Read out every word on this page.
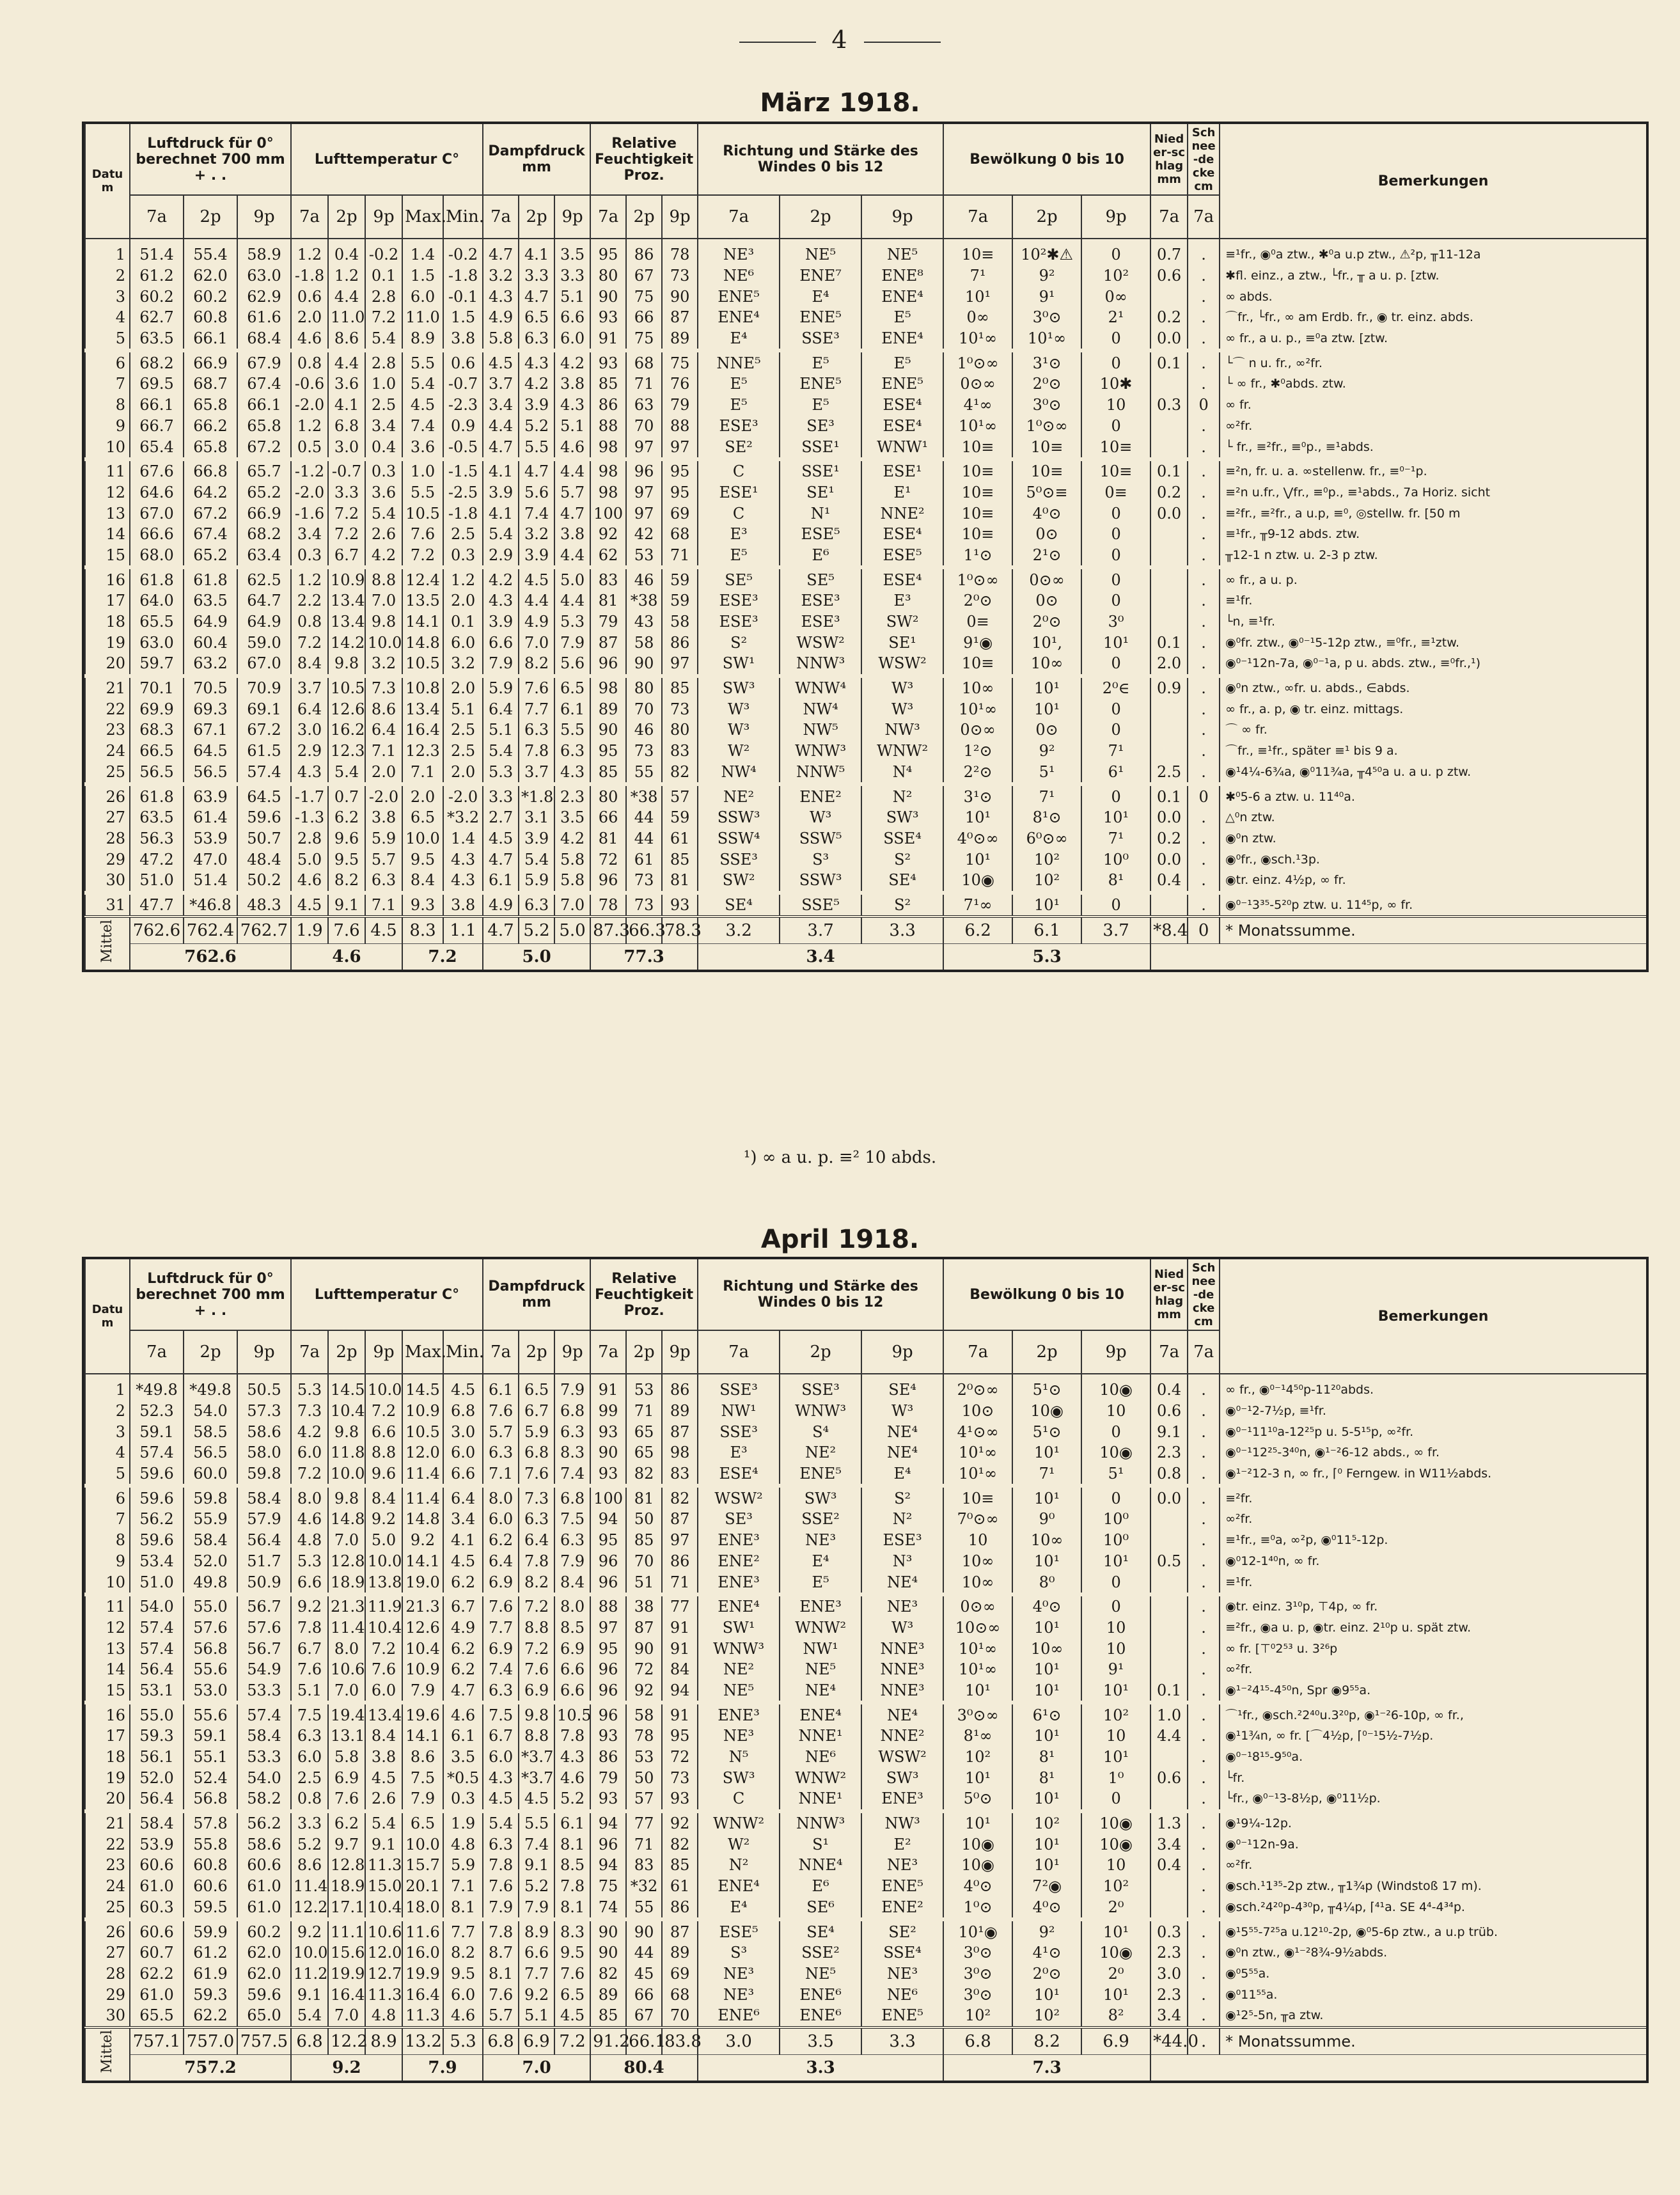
4
März 1918.
Datum	Luftdruck für 0° berechnet 700 mm + . .			Lufttemperatur C°					Dampfdruck mm			Relative Feuchtigkeit Proz.			Richtung und Stärke des Windes 0 bis 12			Bewölkung 0 bis 10			Nieder-schlag mm	Schnee-decke cm	Bemerkungen
	7a	2p	9p	7a	2p	9p	Max.	Min.	7a	2p	9p	7a	2p	9p	7a	2p	9p	7a	2p	9p	7a	7a	

1	51.4	55.4	58.9	1.2	0.4	-0.2	1.4	-0.2	4.7	4.1	3.5	95	86	78	NE³	NE⁵	NE⁵	10≡	10²✱⚠	0	0.7	.	≡¹fr., ◉⁰a ztw., ✱⁰a u.p ztw., ⚠²p, ╥11-12a
2	61.2	62.0	63.0	-1.8	1.2	0.1	1.5	-1.8	3.2	3.3	3.3	80	67	73	NE⁶	ENE⁷	ENE⁸	7¹	9²	10²	0.6	.	✱fl. einz., a ztw., └fr., ╥ a u. p. [ztw.
3	60.2	60.2	62.9	0.6	4.4	2.8	6.0	-0.1	4.3	4.7	5.1	90	75	90	ENE⁵	E⁴	ENE⁴	10¹	9¹	0∞		.	∞ abds.
4	62.7	60.8	61.6	2.0	11.0	7.2	11.0	1.5	4.9	6.5	6.6	93	66	87	ENE⁴	ENE⁵	E⁵	0∞	3⁰⊙	2¹	0.2	.	⌒fr., └fr., ∞ am Erdb. fr., ◉ tr. einz. abds.
5	63.5	66.1	68.4	4.6	8.6	5.4	8.9	3.8	5.8	6.3	6.0	91	75	89	E⁴	SSE³	ENE⁴	10¹∞	10¹∞	0	0.0	.	∞ fr., a u. p., ≡⁰a ztw. [ztw.
6	68.2	66.9	67.9	0.8	4.4	2.8	5.5	0.6	4.5	4.3	4.2	93	68	75	NNE⁵	E⁵	E⁵	1⁰⊙∞	3¹⊙	0	0.1	.	└⌒ n u. fr., ∞²fr.
7	69.5	68.7	67.4	-0.6	3.6	1.0	5.4	-0.7	3.7	4.2	3.8	85	71	76	E⁵	ENE⁵	ENE⁵	0⊙∞	2⁰⊙	10✱		.	└ ∞ fr., ✱⁰abds. ztw.
8	66.1	65.8	66.1	-2.0	4.1	2.5	4.5	-2.3	3.4	3.9	4.3	86	63	79	E⁵	E⁵	ESE⁴	4¹∞	3⁰⊙	10	0.3	0	∞ fr.
9	66.7	66.2	65.8	1.2	6.8	3.4	7.4	0.9	4.4	5.2	5.1	88	70	88	ESE³	SE³	ESE⁴	10¹∞	1⁰⊙∞	0		.	∞²fr.
10	65.4	65.8	67.2	0.5	3.0	0.4	3.6	-0.5	4.7	5.5	4.6	98	97	97	SE²	SSE¹	WNW¹	10≡	10≡	10≡		.	└ fr., ≡²fr., ≡⁰p., ≡¹abds.
11	67.6	66.8	65.7	-1.2	-0.7	0.3	1.0	-1.5	4.1	4.7	4.4	98	96	95	C	SSE¹	ESE¹	10≡	10≡	10≡	0.1	.	≡²n, fr. u. a. ∞stellenw. fr., ≡⁰⁻¹p.
12	64.6	64.2	65.2	-2.0	3.3	3.6	5.5	-2.5	3.9	5.6	5.7	98	97	95	ESE¹	SE¹	E¹	10≡	5⁰⊙≡	0≡	0.2	.	≡²n u.fr., ⋁fr., ≡⁰p., ≡¹abds., 7a Horiz. sicht
13	67.0	67.2	66.9	-1.6	7.2	5.4	10.5	-1.8	4.1	7.4	4.7	100	97	69	C	N¹	NNE²	10≡	4⁰⊙	0	0.0	.	≡²fr., ≡²fr., a u.p, ≡⁰, ◎stellw. fr. [50 m
14	66.6	67.4	68.2	3.4	7.2	2.6	7.6	2.5	5.4	3.2	3.8	92	42	68	E³	ESE⁵	ESE⁴	10≡	0⊙	0		.	≡¹fr., ╥9-12 abds. ztw.
15	68.0	65.2	63.4	0.3	6.7	4.2	7.2	0.3	2.9	3.9	4.4	62	53	71	E⁵	E⁶	ESE⁵	1¹⊙	2¹⊙	0		.	╥12-1 n ztw. u. 2-3 p ztw.
16	61.8	61.8	62.5	1.2	10.9	8.8	12.4	1.2	4.2	4.5	5.0	83	46	59	SE⁵	SE⁵	ESE⁴	1⁰⊙∞	0⊙∞	0		.	∞ fr., a u. p.
17	64.0	63.5	64.7	2.2	13.4	7.0	13.5	2.0	4.3	4.4	4.4	81	*38	59	ESE³	ESE³	E³	2⁰⊙	0⊙	0		.	≡¹fr.
18	65.5	64.9	64.9	0.8	13.4	9.8	14.1	0.1	3.9	4.9	5.3	79	43	58	ESE³	ESE³	SW²	0≡	2⁰⊙	3⁰		.	└n, ≡¹fr.
19	63.0	60.4	59.0	7.2	14.2	10.0	14.8	6.0	6.6	7.0	7.9	87	58	86	S²	WSW²	SE¹	9¹◉	10¹,	10¹	0.1	.	◉⁰fr. ztw., ◉⁰⁻¹5-12p ztw., ≡⁰fr., ≡¹ztw.
20	59.7	63.2	67.0	8.4	9.8	3.2	10.5	3.2	7.9	8.2	5.6	96	90	97	SW¹	NNW³	WSW²	10≡	10∞	0	2.0	.	◉⁰⁻¹12n-7a, ◉⁰⁻¹a, p u. abds. ztw., ≡⁰fr.,¹)
21	70.1	70.5	70.9	3.7	10.5	7.3	10.8	2.0	5.9	7.6	6.5	98	80	85	SW³	WNW⁴	W³	10∞	10¹	2⁰∈	0.9	.	◉⁰n ztw., ∞fr. u. abds., ∈abds.
22	69.9	69.3	69.1	6.4	12.6	8.6	13.4	5.1	6.4	7.7	6.1	89	70	73	W³	NW⁴	W³	10¹∞	10¹	0		.	∞ fr., a. p, ◉ tr. einz. mittags.
23	68.3	67.1	67.2	3.0	16.2	6.4	16.4	2.5	5.1	6.3	5.5	90	46	80	W³	NW⁵	NW³	0⊙∞	0⊙	0		.	⌒ ∞ fr.
24	66.5	64.5	61.5	2.9	12.3	7.1	12.3	2.5	5.4	7.8	6.3	95	73	83	W²	WNW³	WNW²	1²⊙	9²	7¹		.	⌒fr., ≡¹fr., später ≡¹ bis 9 a.
25	56.5	56.5	57.4	4.3	5.4	2.0	7.1	2.0	5.3	3.7	4.3	85	55	82	NW⁴	NNW⁵	N⁴	2²⊙	5¹	6¹	2.5	.	◉¹4¼-6¾a, ◉⁰11¾a, ╥4⁵⁰a u. a u. p ztw.
26	61.8	63.9	64.5	-1.7	0.7	-2.0	2.0	-2.0	3.3	*1.8	2.3	80	*38	57	NE²	ENE²	N²	3¹⊙	7¹	0	0.1	0	✱⁰5-6 a ztw. u. 11⁴⁰a.
27	63.5	61.4	59.6	-1.3	6.2	3.8	6.5	*3.2	2.7	3.1	3.5	66	44	59	SSW³	W³	SW³	10¹	8¹⊙	10¹	0.0	.	△⁰n ztw.
28	56.3	53.9	50.7	2.8	9.6	5.9	10.0	1.4	4.5	3.9	4.2	81	44	61	SSW⁴	SSW⁵	SSE⁴	4⁰⊙∞	6⁰⊙∞	7¹	0.2	.	◉⁰n ztw.
29	47.2	47.0	48.4	5.0	9.5	5.7	9.5	4.3	4.7	5.4	5.8	72	61	85	SSE³	S³	S²	10¹	10²	10⁰	0.0	.	◉⁰fr., ◉sch.¹3p.
30	51.0	51.4	50.2	4.6	8.2	6.3	8.4	4.3	6.1	5.9	5.8	96	73	81	SW²	SSW³	SE⁴	10◉	10²	8¹	0.4	.	◉tr. einz. 4½p, ∞ fr.
31	47.7	*46.8	48.3	4.5	9.1	7.1	9.3	3.8	4.9	6.3	7.0	78	73	93	SE⁴	SSE⁵	S²	7¹∞	10¹	0		.	◉⁰⁻¹3³⁵-5²⁰p ztw. u. 11⁴⁵p, ∞ fr.
Mittel	762.6	762.4	762.7	1.9	7.6	4.5	8.3	1.1	4.7	5.2	5.0	87.3	66.3	78.3	3.2	3.7	3.3	6.2	6.1	3.7	*8.4	0	* Monatssumme.
	762.6			4.6			7.2		5.0			77.3			3.4			5.3					
¹) ∞ a u. p. ≡² 10 abds.
April 1918.
Datum	Luftdruck für 0° berechnet 700 mm + . .			Lufttemperatur C°					Dampfdruck mm			Relative Feuchtigkeit Proz.			Richtung und Stärke des Windes 0 bis 12			Bewölkung 0 bis 10			Nieder-schlag mm	Schnee-decke cm	Bemerkungen
	7a	2p	9p	7a	2p	9p	Max.	Min.	7a	2p	9p	7a	2p	9p	7a	2p	9p	7a	2p	9p	7a	7a	

1	*49.8	*49.8	50.5	5.3	14.5	10.0	14.5	4.5	6.1	6.5	7.9	91	53	86	SSE³	SSE³	SE⁴	2⁰⊙∞	5¹⊙	10◉	0.4	.	∞ fr., ◉⁰⁻¹4⁵⁰p-11²⁰abds.
2	52.3	54.0	57.3	7.3	10.4	7.2	10.9	6.8	7.6	6.7	6.8	99	71	89	NW¹	WNW³	W³	10⊙	10◉	10	0.6	.	◉⁰⁻¹2-7½p, ≡¹fr.
3	59.1	58.5	58.6	4.2	9.8	6.6	10.5	3.0	5.7	5.9	6.3	93	65	87	SSE³	S⁴	NE⁴	4¹⊙∞	5¹⊙	0	9.1	.	◉⁰⁻¹11¹⁰a-12²⁵p u. 5-5¹⁵p, ∞²fr.
4	57.4	56.5	58.0	6.0	11.8	8.8	12.0	6.0	6.3	6.8	8.3	90	65	98	E³	NE²	NE⁴	10¹∞	10¹	10◉	2.3	.	◉⁰⁻¹12²⁵-3⁴⁰n, ◉¹⁻²6-12 abds., ∞ fr.
5	59.6	60.0	59.8	7.2	10.0	9.6	11.4	6.6	7.1	7.6	7.4	93	82	83	ESE⁴	ENE⁵	E⁴	10¹∞	7¹	5¹	0.8	.	◉¹⁻²12-3 n, ∞ fr., ⌈⁰ Ferngew. in W11½abds.
6	59.6	59.8	58.4	8.0	9.8	8.4	11.4	6.4	8.0	7.3	6.8	100	81	82	WSW²	SW³	S²	10≡	10¹	0	0.0	.	≡²fr.
7	56.2	55.9	57.9	4.6	14.8	9.2	14.8	3.4	6.0	6.3	7.5	94	50	87	SE³	SSE²	N²	7⁰⊙∞	9⁰	10⁰		.	∞²fr.
8	59.6	58.4	56.4	4.8	7.0	5.0	9.2	4.1	6.2	6.4	6.3	95	85	97	ENE³	NE³	ESE³	10	10∞	10⁰		.	≡¹fr., ≡⁰a, ∞²p, ◉⁰11⁵-12p.
9	53.4	52.0	51.7	5.3	12.8	10.0	14.1	4.5	6.4	7.8	7.9	96	70	86	ENE²	E⁴	N³	10∞	10¹	10¹	0.5	.	◉⁰12-1⁴⁰n, ∞ fr.
10	51.0	49.8	50.9	6.6	18.9	13.8	19.0	6.2	6.9	8.2	8.4	96	51	71	ENE³	E⁵	NE⁴	10∞	8⁰	0		.	≡¹fr.
11	54.0	55.0	56.7	9.2	21.3	11.9	21.3	6.7	7.6	7.2	8.0	88	38	77	ENE⁴	ENE³	NE³	0⊙∞	4⁰⊙	0		.	◉tr. einz. 3¹⁰p, ⊤4p, ∞ fr.
12	57.4	57.6	57.6	7.8	11.4	10.4	12.6	4.9	7.7	8.8	8.5	97	87	91	SW¹	WNW²	W³	10⊙∞	10¹	10		.	≡²fr., ◉a u. p, ◉tr. einz. 2¹⁰p u. spät ztw.
13	57.4	56.8	56.7	6.7	8.0	7.2	10.4	6.2	6.9	7.2	6.9	95	90	91	WNW³	NW¹	NNE³	10¹∞	10∞	10		.	∞ fr. [⊤⁰2⁵³ u. 3²⁶p
14	56.4	55.6	54.9	7.6	10.6	7.6	10.9	6.2	7.4	7.6	6.6	96	72	84	NE²	NE⁵	NNE³	10¹∞	10¹	9¹		.	∞²fr.
15	53.1	53.0	53.3	5.1	7.0	6.0	7.9	4.7	6.3	6.9	6.6	96	92	94	NE⁵	NE⁴	NNE³	10¹	10¹	10¹	0.1	.	◉¹⁻²4¹⁵-4⁵⁰n, Spr ◉9⁵⁵a.
16	55.0	55.6	57.4	7.5	19.4	13.4	19.6	4.6	7.5	9.8	10.5	96	58	91	ENE³	ENE⁴	NE⁴	3⁰⊙∞	6¹⊙	10²	1.0	.	⌒¹fr., ◉sch.²2⁴⁰u.3²⁰p, ◉¹⁻²6-10p, ∞ fr.,
17	59.3	59.1	58.4	6.3	13.1	8.4	14.1	6.1	6.7	8.8	7.8	93	78	95	NE³	NNE¹	NNE²	8¹∞	10¹	10	4.4	.	◉¹1³⁄₄n, ∞ fr. [⌒4½p, ⌈⁰⁻¹5½-7½p.
18	56.1	55.1	53.3	6.0	5.8	3.8	8.6	3.5	6.0	*3.7	4.3	86	53	72	N⁵	NE⁶	WSW²	10²	8¹	10¹		.	◉⁰⁻¹8¹⁵-9⁵⁰a.
19	52.0	52.4	54.0	2.5	6.9	4.5	7.5	*0.5	4.3	*3.7	4.6	79	50	73	SW³	WNW²	SW³	10¹	8¹	1⁰	0.6	.	└fr.
20	56.4	56.8	58.2	0.8	7.6	2.6	7.9	0.3	4.5	4.5	5.2	93	57	93	C	NNE¹	ENE³	5⁰⊙	10¹	0		.	└fr., ◉⁰⁻¹3-8½p, ◉⁰11½p.
21	58.4	57.8	56.2	3.3	6.2	5.4	6.5	1.9	5.4	5.5	6.1	94	77	92	WNW²	NNW³	NW³	10¹	10²	10◉	1.3	.	◉¹9¼-12p.
22	53.9	55.8	58.6	5.2	9.7	9.1	10.0	4.8	6.3	7.4	8.1	96	71	82	W²	S¹	E²	10◉	10¹	10◉	3.4	.	◉⁰⁻¹12n-9a.
23	60.6	60.8	60.6	8.6	12.8	11.3	15.7	5.9	7.8	9.1	8.5	94	83	85	N²	NNE⁴	NE³	10◉	10¹	10	0.4	.	∞²fr.
24	61.0	60.6	61.0	11.4	18.9	15.0	20.1	7.1	7.6	5.2	7.8	75	*32	61	ENE⁴	E⁶	ENE⁵	4⁰⊙	7²◉	10²		.	◉sch.¹1³⁵-2p ztw., ╥1³⁄₄p (Windstoß 17 m).
25	60.3	59.5	61.0	12.2	17.1	10.4	18.0	8.1	7.9	7.9	8.1	74	55	86	E⁴	SE⁶	ENE²	1⁰⊙	4⁰⊙	2⁰		.	◉sch.²4²⁰p-4³⁰p, ╥4¼p, ⌈⁴¹a. SE 4⁴-4³⁴p.
26	60.6	59.9	60.2	9.2	11.1	10.6	11.6	7.7	7.8	8.9	8.3	90	90	87	ESE⁵	SE⁴	SE²	10¹◉	9²	10¹	0.3	.	◉¹5⁵⁵-7²⁵a u.12¹⁰-2p, ◉⁰5-6p ztw., a u.p trüb.
27	60.7	61.2	62.0	10.0	15.6	12.0	16.0	8.2	8.7	6.6	9.5	90	44	89	S³	SSE²	SSE⁴	3⁰⊙	4¹⊙	10◉	2.3	.	◉⁰n ztw., ◉¹⁻²8³⁄₄-9½abds.
28	62.2	61.9	62.0	11.2	19.9	12.7	19.9	9.5	8.1	7.7	7.6	82	45	69	NE³	NE⁵	NE³	3⁰⊙	2⁰⊙	2⁰	3.0	.	◉⁰5⁵⁵a.
29	61.0	59.3	59.6	9.1	16.4	11.3	16.4	6.0	7.6	9.2	6.5	89	66	68	NE³	ENE⁶	NE⁶	3⁰⊙	10¹	10¹	2.3	.	◉⁰11⁵⁵a.
30	65.5	62.2	65.0	5.4	7.0	4.8	11.3	4.6	5.7	5.1	4.5	85	67	70	ENE⁶	ENE⁶	ENE⁵	10²	10²	8²	3.4	.	◉¹2⁵-5n, ╥a ztw.
Mittel	757.1	757.0	757.5	6.8	12.2	8.9	13.2	5.3	6.8	6.9	7.2	91.2	66.1	83.8	3.0	3.5	3.3	6.8	8.2	6.9	*44.0	.	* Monatssumme.
	757.2			9.2			7.9		7.0			80.4			3.3			7.3					
